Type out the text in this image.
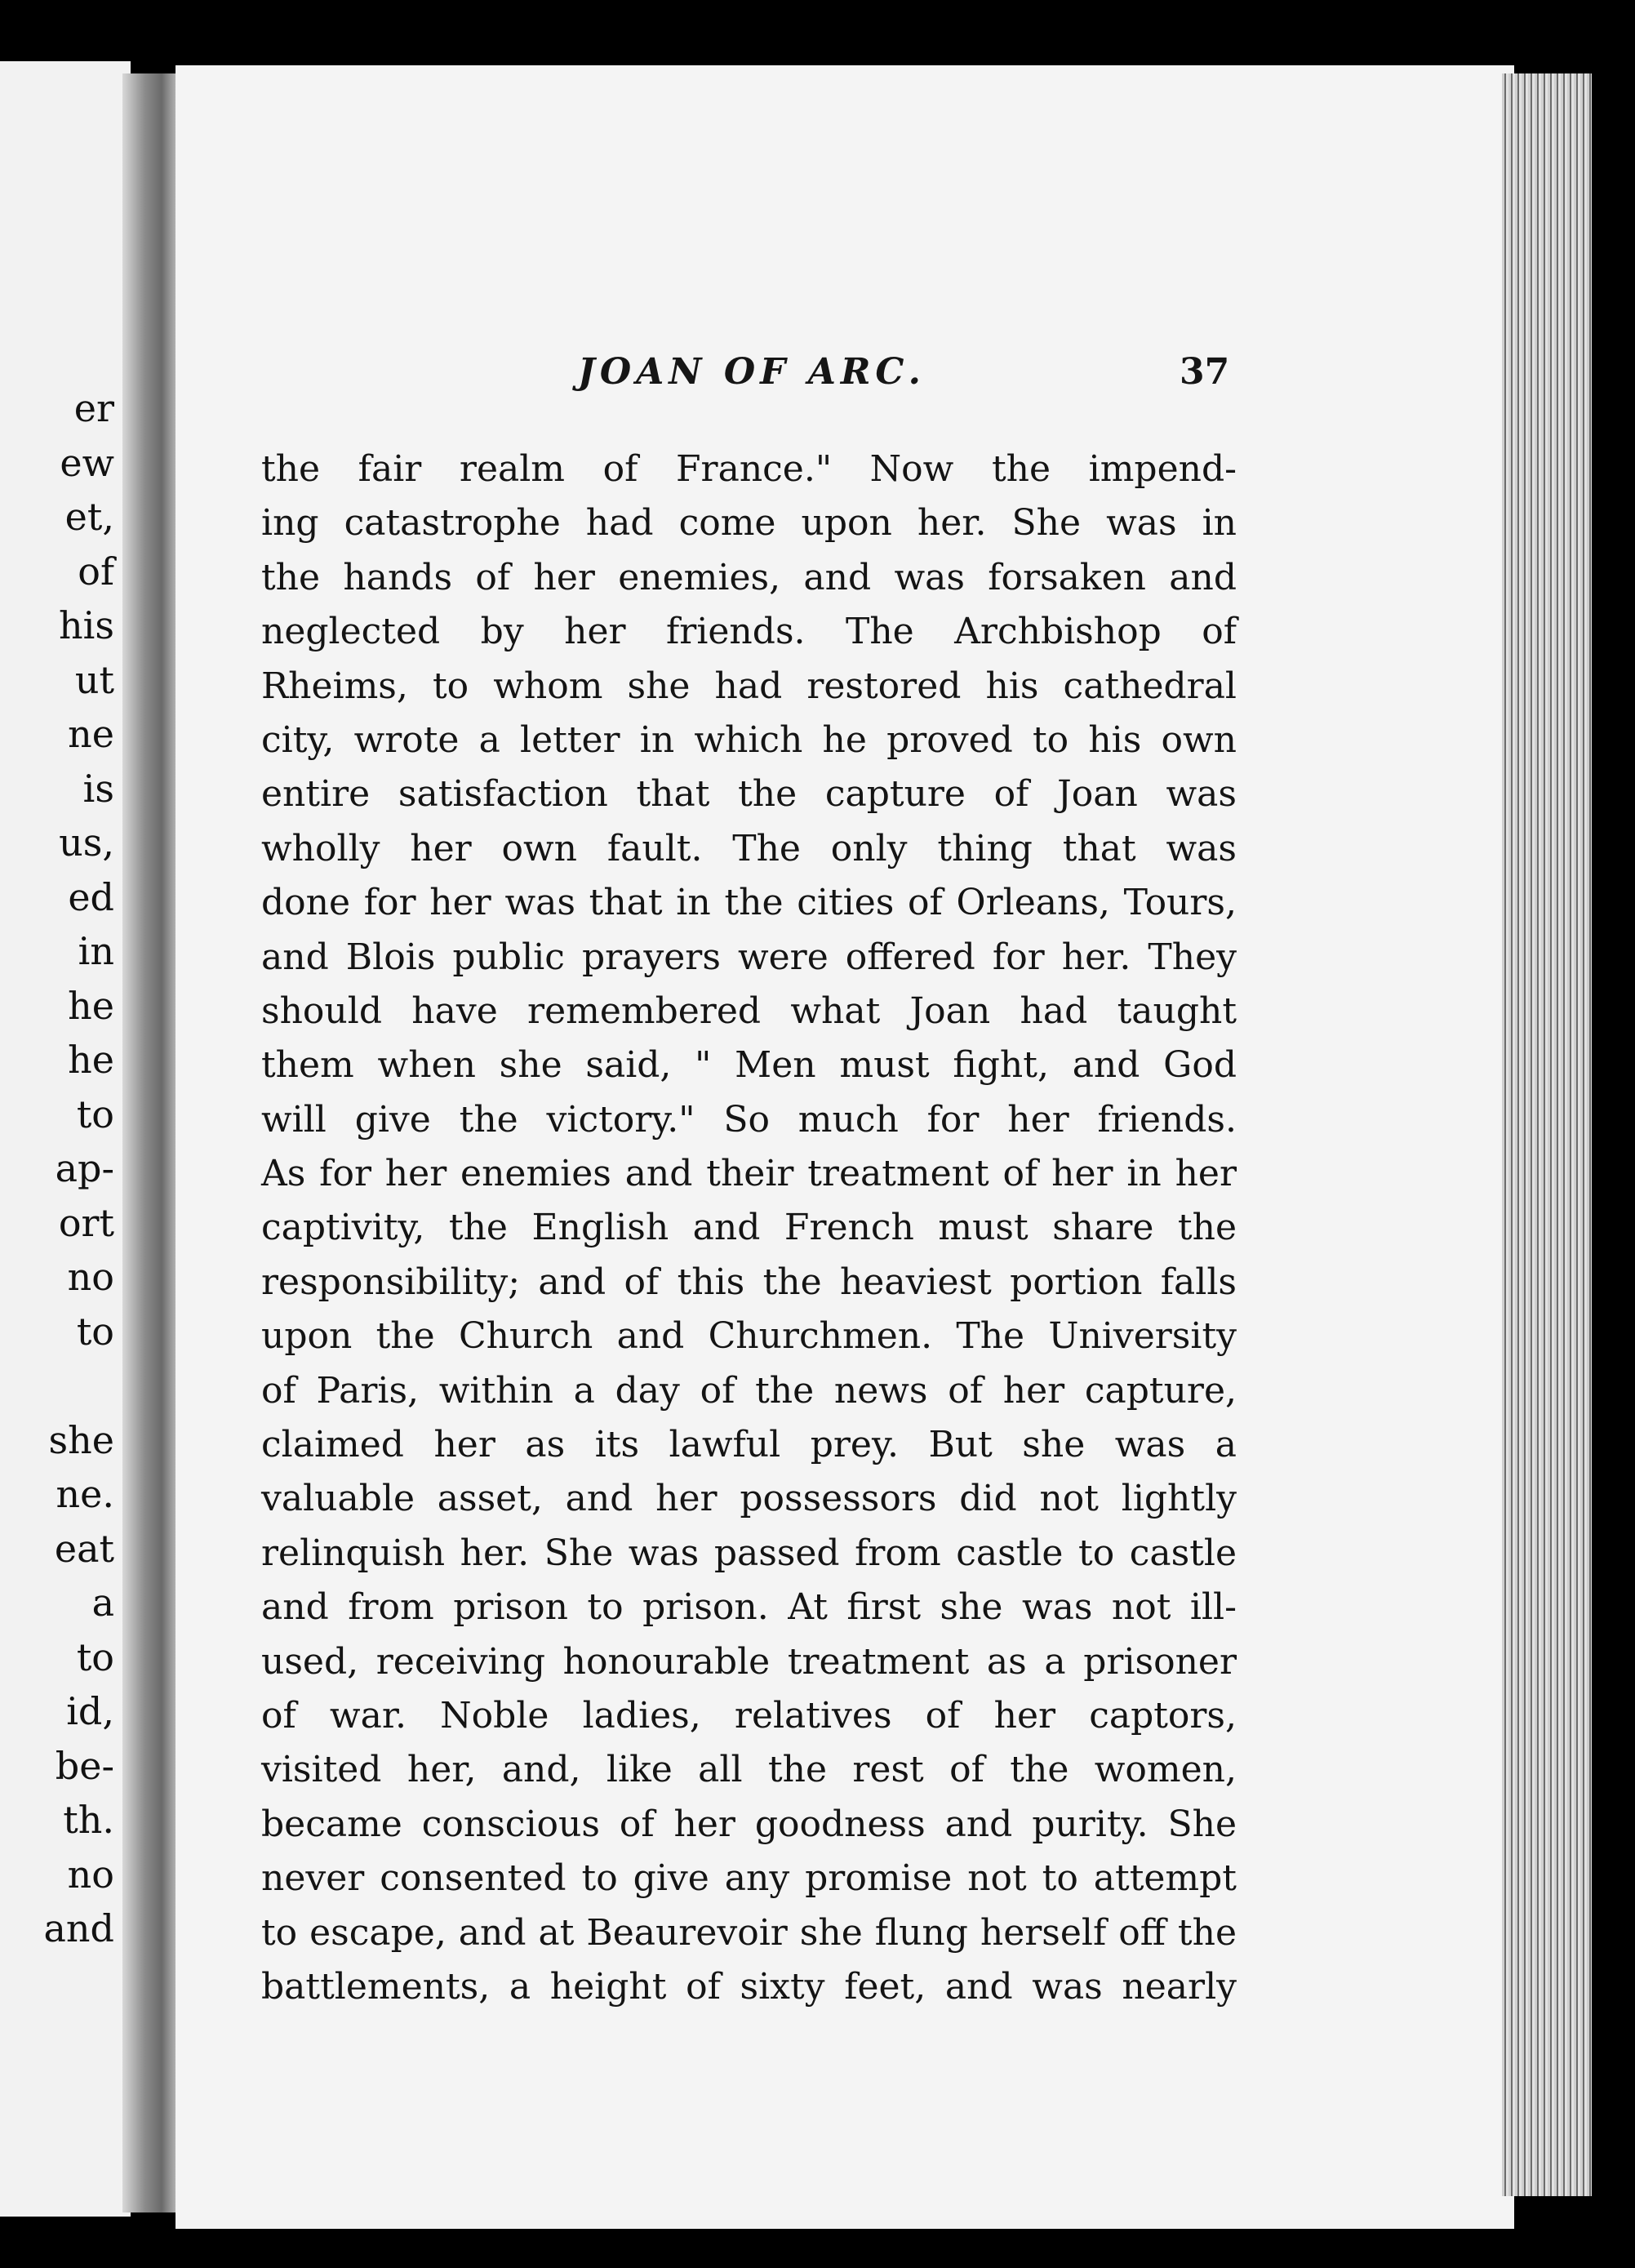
er
ew
et,
of
his
ut
ne
is
us,
ed
in
he
he
to
ap-
ort
no
to
she
ne.
eat
a
to
id,
be-
th.
no
and
JOAN OF ARC.	37
the fair realm of France." Now the impend-
ing catastrophe had come upon her. She was in
the hands of her enemies, and was forsaken and
neglected by her friends. The Archbishop of
Rheims, to whom she had restored his cathedral
city, wrote a letter in which he proved to his own
entire satisfaction that the capture of Joan was
wholly her own fault. The only thing that was
done for her was that in the cities of Orleans, Tours,
and Blois public prayers were offered for her. They
should have remembered what Joan had taught
them when she said, " Men must fight, and God
will give the victory." So much for her friends.
As for her enemies and their treatment of her in her
captivity, the English and French must share the
responsibility; and of this the heaviest portion falls
upon the Church and Churchmen. The University
of Paris, within a day of the news of her capture,
claimed her as its lawful prey. But she was a
valuable asset, and her possessors did not lightly
relinquish her. She was passed from castle to castle
and from prison to prison. At first she was not ill-
used, receiving honourable treatment as a prisoner
of war. Noble ladies, relatives of her captors,
visited her, and, like all the rest of the women,
became conscious of her goodness and purity. She
never consented to give any promise not to attempt
to escape, and at Beaurevoir she flung herself off the
battlements, a height of sixty feet, and was nearly
